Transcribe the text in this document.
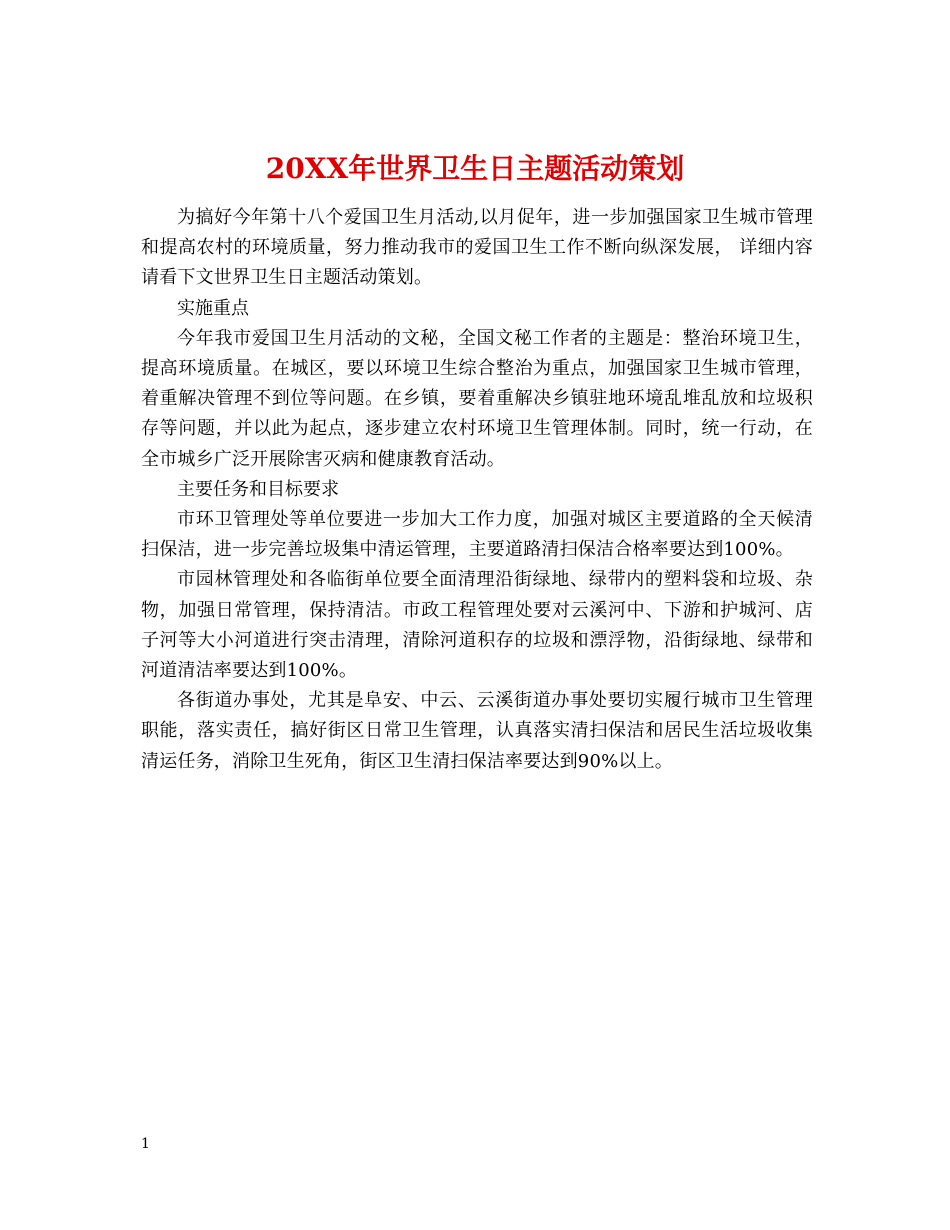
20XX年世界卫生日主题活动策划

为搞好今年第十八个爱国卫生月活动,以月促年，进一步加强国家卫生城市管理和提高农村的环境质量，努力推动我市的爱国卫生工作不断向纵深发展， 详细内容请看下文世界卫生日主题活动策划。

实施重点

今年我市爱国卫生月活动的文秘，全国文秘工作者的主题是：整治环境卫生，提高环境质量。在城区，要以环境卫生综合整治为重点，加强国家卫生城市管理，着重解决管理不到位等问题。在乡镇，要着重解决乡镇驻地环境乱堆乱放和垃圾积存等问题，并以此为起点，逐步建立农村环境卫生管理体制。同时，统一行动，在全市城乡广泛开展除害灭病和健康教育活动。

主要任务和目标要求

市环卫管理处等单位要进一步加大工作力度，加强对城区主要道路的全天候清扫保洁，进一步完善垃圾集中清运管理，主要道路清扫保洁合格率要达到100%。

市园林管理处和各临街单位要全面清理沿街绿地、绿带内的塑料袋和垃圾、杂物，加强日常管理，保持清洁。市政工程管理处要对云溪河中、下游和护城河、店子河等大小河道进行突击清理，清除河道积存的垃圾和漂浮物，沿街绿地、绿带和河道清洁率要达到100%。

各街道办事处，尤其是阜安、中云、云溪街道办事处要切实履行城市卫生管理职能，落实责任，搞好街区日常卫生管理，认真落实清扫保洁和居民生活垃圾收集清运任务，消除卫生死角，街区卫生清扫保洁率要达到90%以上。

1
